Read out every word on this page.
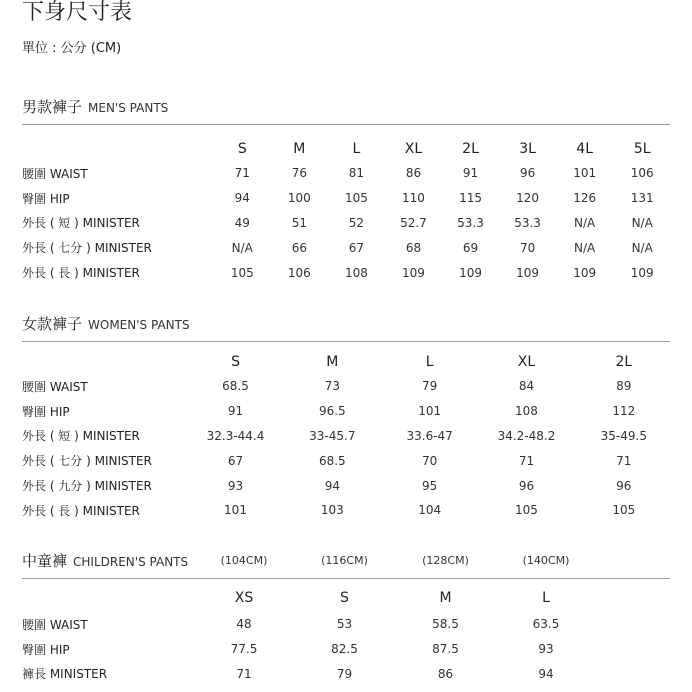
下身尺寸表
單位 : 公分 (CM)
男款褲子 MEN'S PANTS
S	M	L	XL	2L	3L	4L	5L
腰圍 WAIST	71	76	81	86	91	96	101	106
臀圍 HIP	94	100	105	110	115	120	126	131
外長 ( 短 ) MINISTER	49	51	52	52.7	53.3	53.3	N/A	N/A
外長 ( 七分 ) MINISTER	N/A	66	67	68	69	70	N/A	N/A
外長 ( 長 ) MINISTER	105	106	108	109	109	109	109	109
女款褲子 WOMEN'S PANTS
S	M	L	XL	2L
腰圍 WAIST	68.5	73	79	84	89
臀圍 HIP	91	96.5	101	108	112
外長 ( 短 ) MINISTER	32.3-44.4	33-45.7	33.6-47	34.2-48.2	35-49.5
外長 ( 七分 ) MINISTER	67	68.5	70	71	71
外長 ( 九分 ) MINISTER	93	94	95	96	96
外長 ( 長 ) MINISTER	101	103	104	105	105
中童褲 CHILDREN'S PANTS	(104CM)	(116CM)	(128CM)	(140CM)
XS	S	M	L
腰圍 WAIST	48	53	58.5	63.5
臀圍 HIP	77.5	82.5	87.5	93
褲長 MINISTER	71	79	86	94
